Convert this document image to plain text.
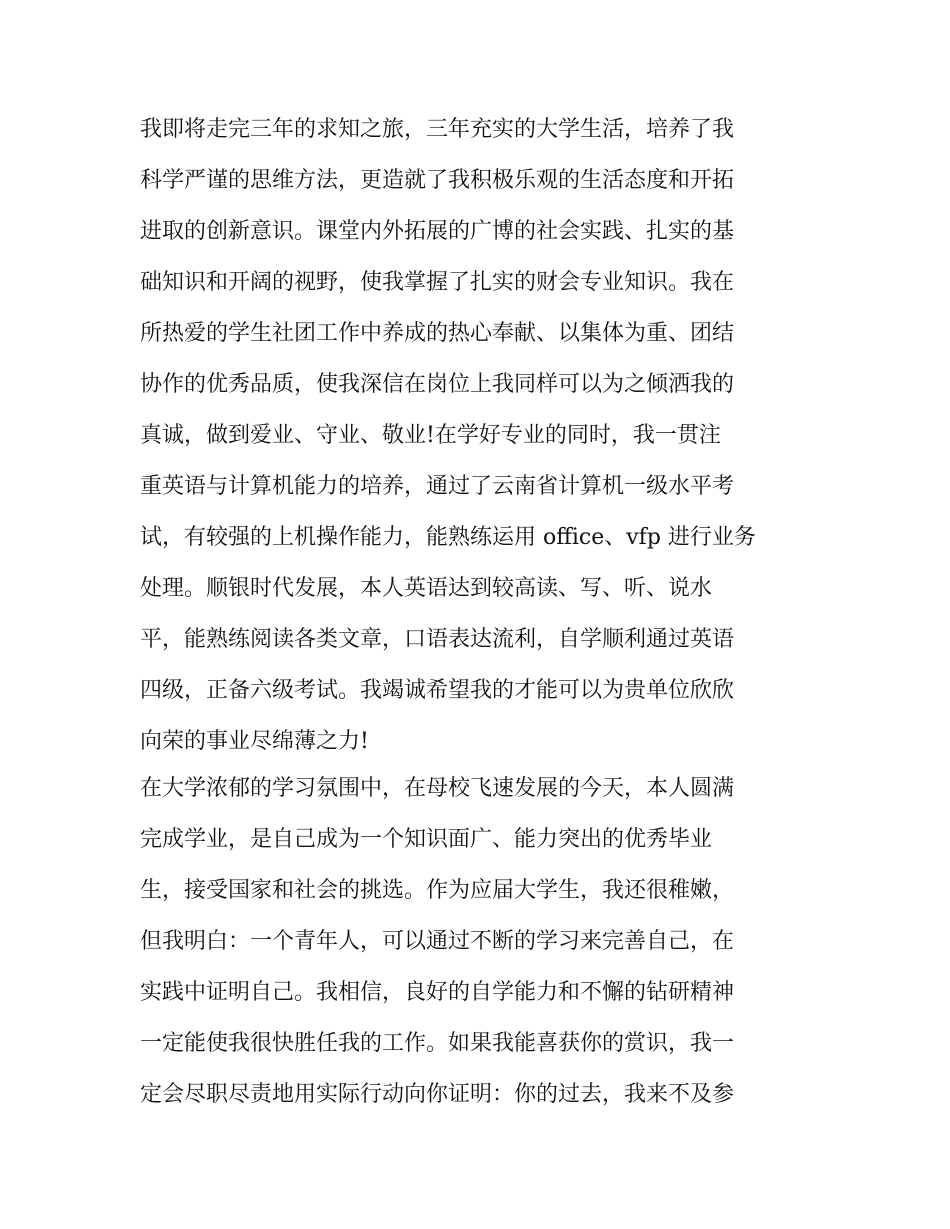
我即将走完三年的求知之旅，三年充实的大学生活，培养了我
科学严谨的思维方法，更造就了我积极乐观的生活态度和开拓
进取的创新意识。课堂内外拓展的广博的社会实践、扎实的基
础知识和开阔的视野，使我掌握了扎实的财会专业知识。我在
所热爱的学生社团工作中养成的热心奉献、以集体为重、团结
协作的优秀品质，使我深信在岗位上我同样可以为之倾洒我的
真诚，做到爱业、守业、敬业!在学好专业的同时，我一贯注
重英语与计算机能力的培养，通过了云南省计算机一级水平考
试，有较强的上机操作能力，能熟练运用 office、vfp 进行业务
处理。顺银时代发展，本人英语达到较高读、写、听、说水
平，能熟练阅读各类文章，口语表达流利，自学顺利通过英语
四级，正备六级考试。我竭诚希望我的才能可以为贵单位欣欣
向荣的事业尽绵薄之力!
在大学浓郁的学习氛围中，在母校飞速发展的今天，本人圆满
完成学业，是自己成为一个知识面广、能力突出的优秀毕业
生，接受国家和社会的挑选。作为应届大学生，我还很稚嫩，
但我明白：一个青年人，可以通过不断的学习来完善自己，在
实践中证明自己。我相信，良好的自学能力和不懈的钻研精神
一定能使我很快胜任我的工作。如果我能喜获你的赏识，我一
定会尽职尽责地用实际行动向你证明：你的过去，我来不及参
